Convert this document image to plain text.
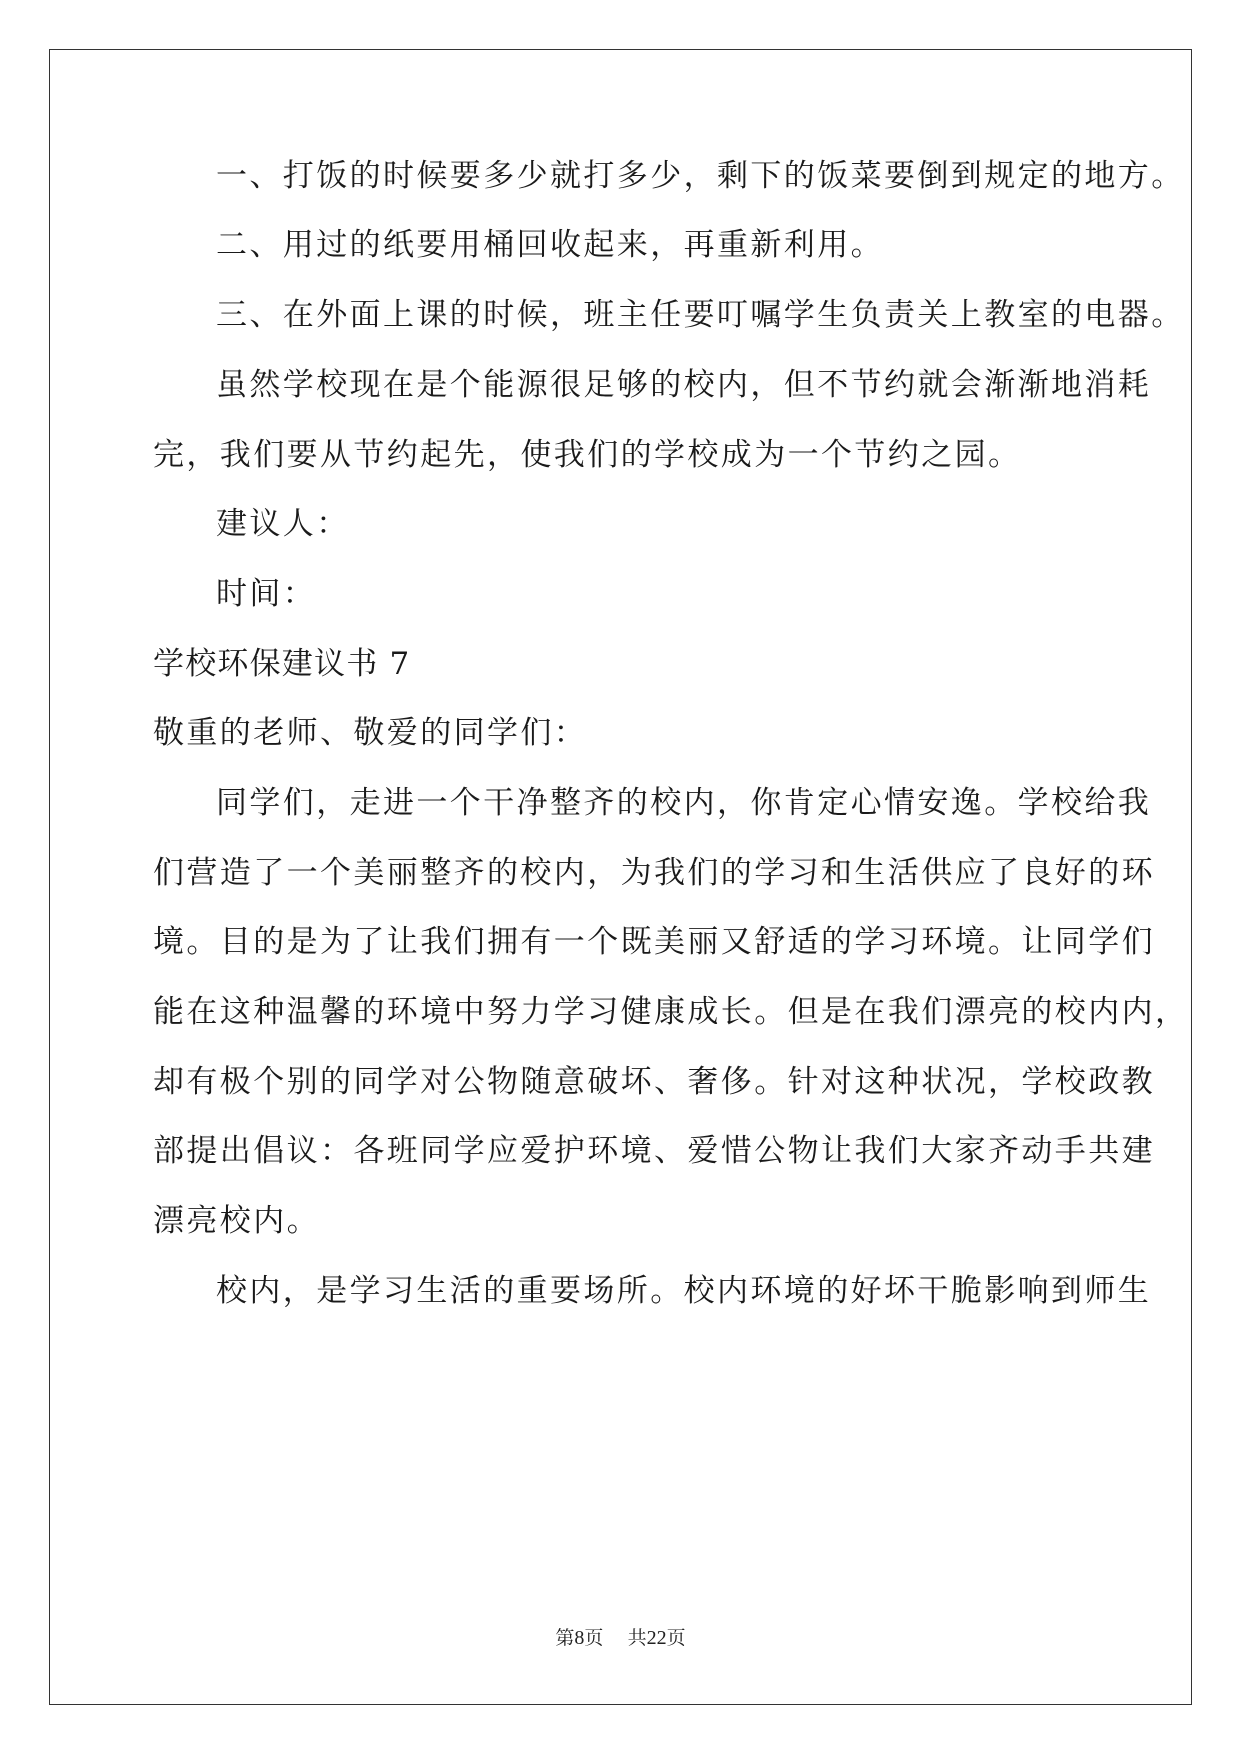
一、打饭的时候要多少就打多少，剩下的饭菜要倒到规定的地方。
二、用过的纸要用桶回收起来，再重新利用。
三、在外面上课的时候，班主任要叮嘱学生负责关上教室的电器。
虽然学校现在是个能源很足够的校内，但不节约就会渐渐地消耗
完，我们要从节约起先，使我们的学校成为一个节约之园。
建议人：
时间：
学校环保建议书 7
敬重的老师、敬爱的同学们：
同学们，走进一个干净整齐的校内，你肯定心情安逸。学校给我
们营造了一个美丽整齐的校内，为我们的学习和生活供应了良好的环
境。目的是为了让我们拥有一个既美丽又舒适的学习环境。让同学们
能在这种温馨的环境中努力学习健康成长。但是在我们漂亮的校内内，
却有极个别的同学对公物随意破坏、奢侈。针对这种状况，学校政教
部提出倡议：各班同学应爱护环境、爱惜公物让我们大家齐动手共建
漂亮校内。
校内，是学习生活的重要场所。校内环境的好坏干脆影响到师生
第8页 共22页
